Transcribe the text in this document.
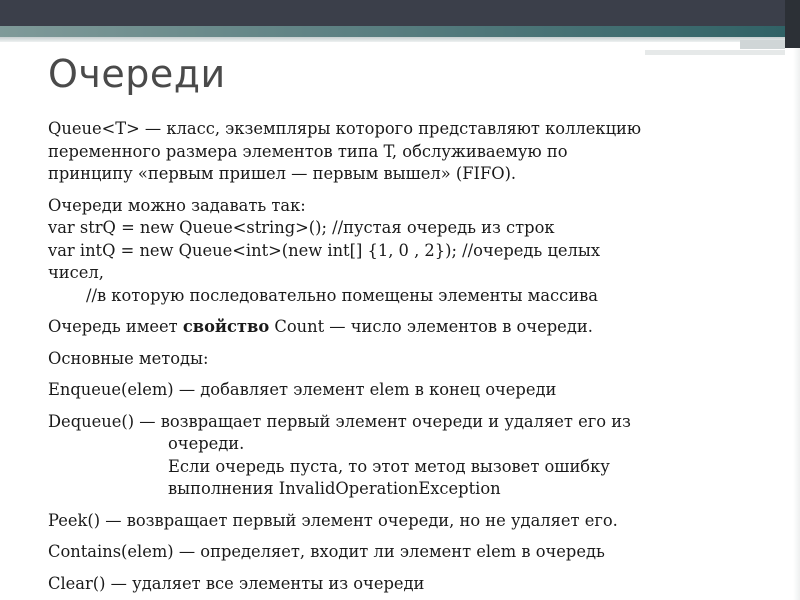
Очереди

Queue<T> — класс, экземпляры которого представляют коллекцию

переменного размера элементов типа T, обслуживаемую по

принципу «первым пришел — первым вышел» (FIFO).

Очереди можно задавать так:

var strQ = new Queue<string>(); //пустая очередь из строк

var intQ = new Queue<int>(new int[] {1, 0 , 2}); //очередь целых

чисел,

//в которую последовательно помещены элементы массива

Очередь имеет свойство Count — число элементов в очереди.

Основные методы:

Enqueue(elem) — добавляет элемент elem в конец очереди

Dequeue() — возвращает первый элемент очереди и удаляет его из

очереди.

Если очередь пуста, то этот метод вызовет ошибку

выполнения InvalidOperationException

Peek() — возвращает первый элемент очереди, но не удаляет его.

Contains(elem) — определяет, входит ли элемент elem в очередь

Clear() — удаляет все элементы из очереди
